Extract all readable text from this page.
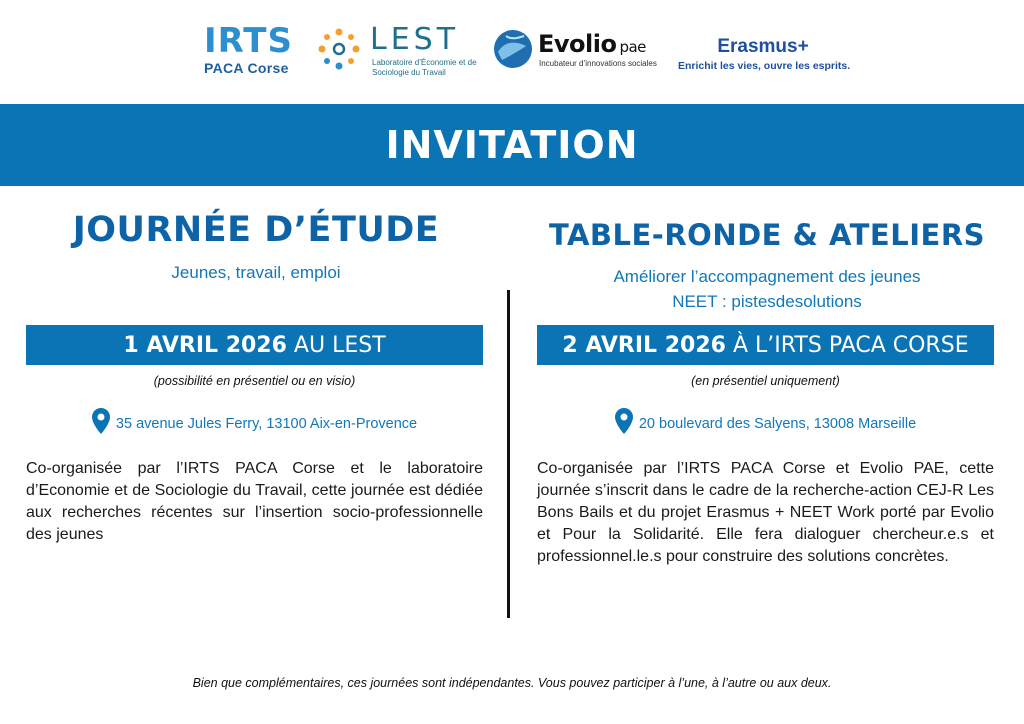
IRTS
PACA Corse
LEST
Laboratoire d’Économie et de Sociologie du Travail
Evolio pae
Incubateur d’innovations sociales
Erasmus+
Enrichit les vies, ouvre les esprits.
INVITATION
JOURNÉE D’ÉTUDE
Jeunes, travail, emploi
1 AVRIL 2026 AU LEST
(possibilité en présentiel ou en visio)
35 avenue Jules Ferry, 13100 Aix-en-Provence

Co-organisée par l’IRTS PACA Corse et le laboratoire d’Economie et de Sociologie du Travail, cette journée est dédiée aux recherches récentes sur l’insertion socio-professionnelle des jeunes

TABLE-RONDE & ATELIERS
Améliorer l’accompagnement des jeunes
NEET : pistesdesolutions
2 AVRIL 2026 À L’IRTS PACA CORSE
(en présentiel uniquement)
20 boulevard des Salyens, 13008 Marseille

Co-organisée par l’IRTS PACA Corse et Evolio PAE, cette journée s’inscrit dans le cadre de la recherche-action CEJ-R Les Bons Bails et du projet Erasmus + NEET Work porté par Evolio et Pour la Solidarité. Elle fera dialoguer chercheur.e.s et professionnel.le.s pour construire des solutions concrètes.

Bien que complémentaires, ces journées sont indépendantes. Vous pouvez participer à l’une, à l’autre ou aux deux.
